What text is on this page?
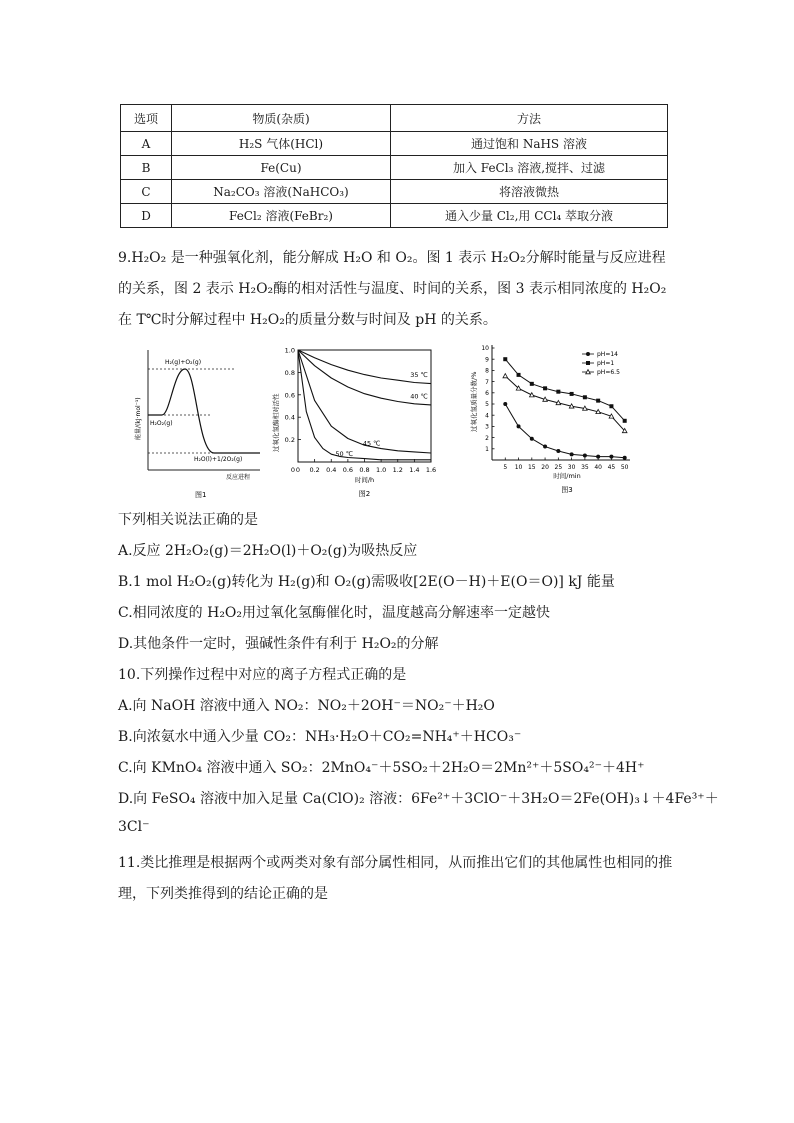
选项	物质(杂质)	方法
A	H₂S 气体(HCl)	通过饱和 NaHS 溶液
B	Fe(Cu)	加入 FeCl₃ 溶液,搅拌、过滤
C	Na₂CO₃ 溶液(NaHCO₃)	将溶液微热
D	FeCl₂ 溶液(FeBr₂)	通入少量 Cl₂,用 CCl₄ 萃取分液
9.H₂O₂ 是一种强氧化剂，能分解成 H₂O 和 O₂。图 1 表示 H₂O₂分解时能量与反应进程的关系，图 2 表示 H₂O₂酶的相对活性与温度、时间的关系，图 3 表示相同浓度的 H₂O₂在 T℃时分解过程中 H₂O₂的质量分数与时间及 pH 的关系。
H₂(g)+O₂(g)
H₂O₂(g)
H₂O(l)+1/2O₂(g)
反应进程
能量/(kJ·mol⁻¹)
图1
0 0.2 0.4 0.6 0.8 1.0 1.2 1.4 1.6
0.2
0.4
0.6
0.8
1.0
0
35 ℃
40 ℃
45 ℃
50 ℃
时间/h
过氧化氢酶相对活性
图2
5 10 15 20 25 30 35 40 45 50
1
2
3
4
5
6
7
8
9
10
pH=14
pH=1
pH=6.5
时间/min
过氧化氢质量分数/%
图3
下列相关说法正确的是
A.反应 2H₂O₂(g)＝2H₂O(l)＋O₂(g)为吸热反应
B.1 mol H₂O₂(g)转化为 H₂(g)和 O₂(g)需吸收[2E(O－H)＋E(O＝O)] kJ 能量
C.相同浓度的 H₂O₂用过氧化氢酶催化时，温度越高分解速率一定越快
D.其他条件一定时，强碱性条件有利于 H₂O₂的分解
10.下列操作过程中对应的离子方程式正确的是
A.向 NaOH 溶液中通入 NO₂：NO₂＋2OH⁻＝NO₂⁻＋H₂O
B.向浓氨水中通入少量 CO₂：NH₃·H₂O＋CO₂=NH₄⁺＋HCO₃⁻
C.向 KMnO₄ 溶液中通入 SO₂：2MnO₄⁻＋5SO₂＋2H₂O＝2Mn²⁺＋5SO₄²⁻＋4H⁺
D.向 FeSO₄ 溶液中加入足量 Ca(ClO)₂ 溶液：6Fe²⁺＋3ClO⁻＋3H₂O＝2Fe(OH)₃↓＋4Fe³⁺＋
3Cl⁻
11.类比推理是根据两个或两类对象有部分属性相同，从而推出它们的其他属性也相同的推理，下列类推得到的结论正确的是
